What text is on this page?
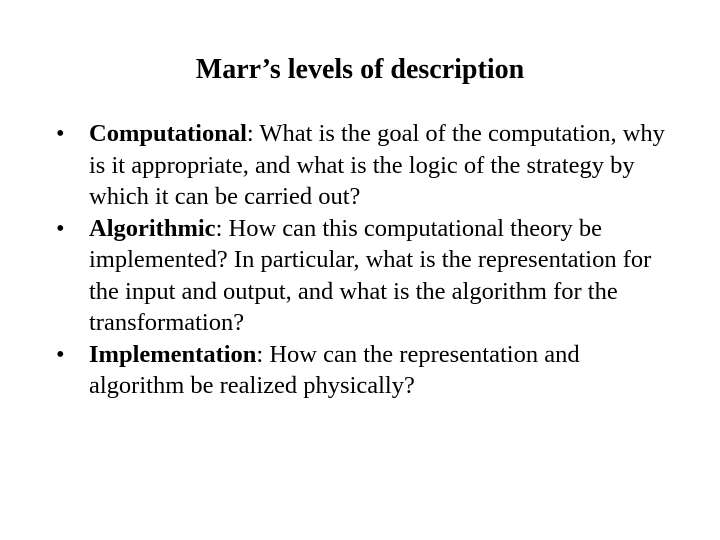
Marr’s levels of description
• Computational: What is the goal of the computation, why is it appropriate, and what is the logic of the strategy by which it can be carried out?
• Algorithmic: How can this computational theory be implemented? In particular, what is the representation for the input and output, and what is the algorithm for the transformation?
• Implementation: How can the representation and algorithm be realized physically?
